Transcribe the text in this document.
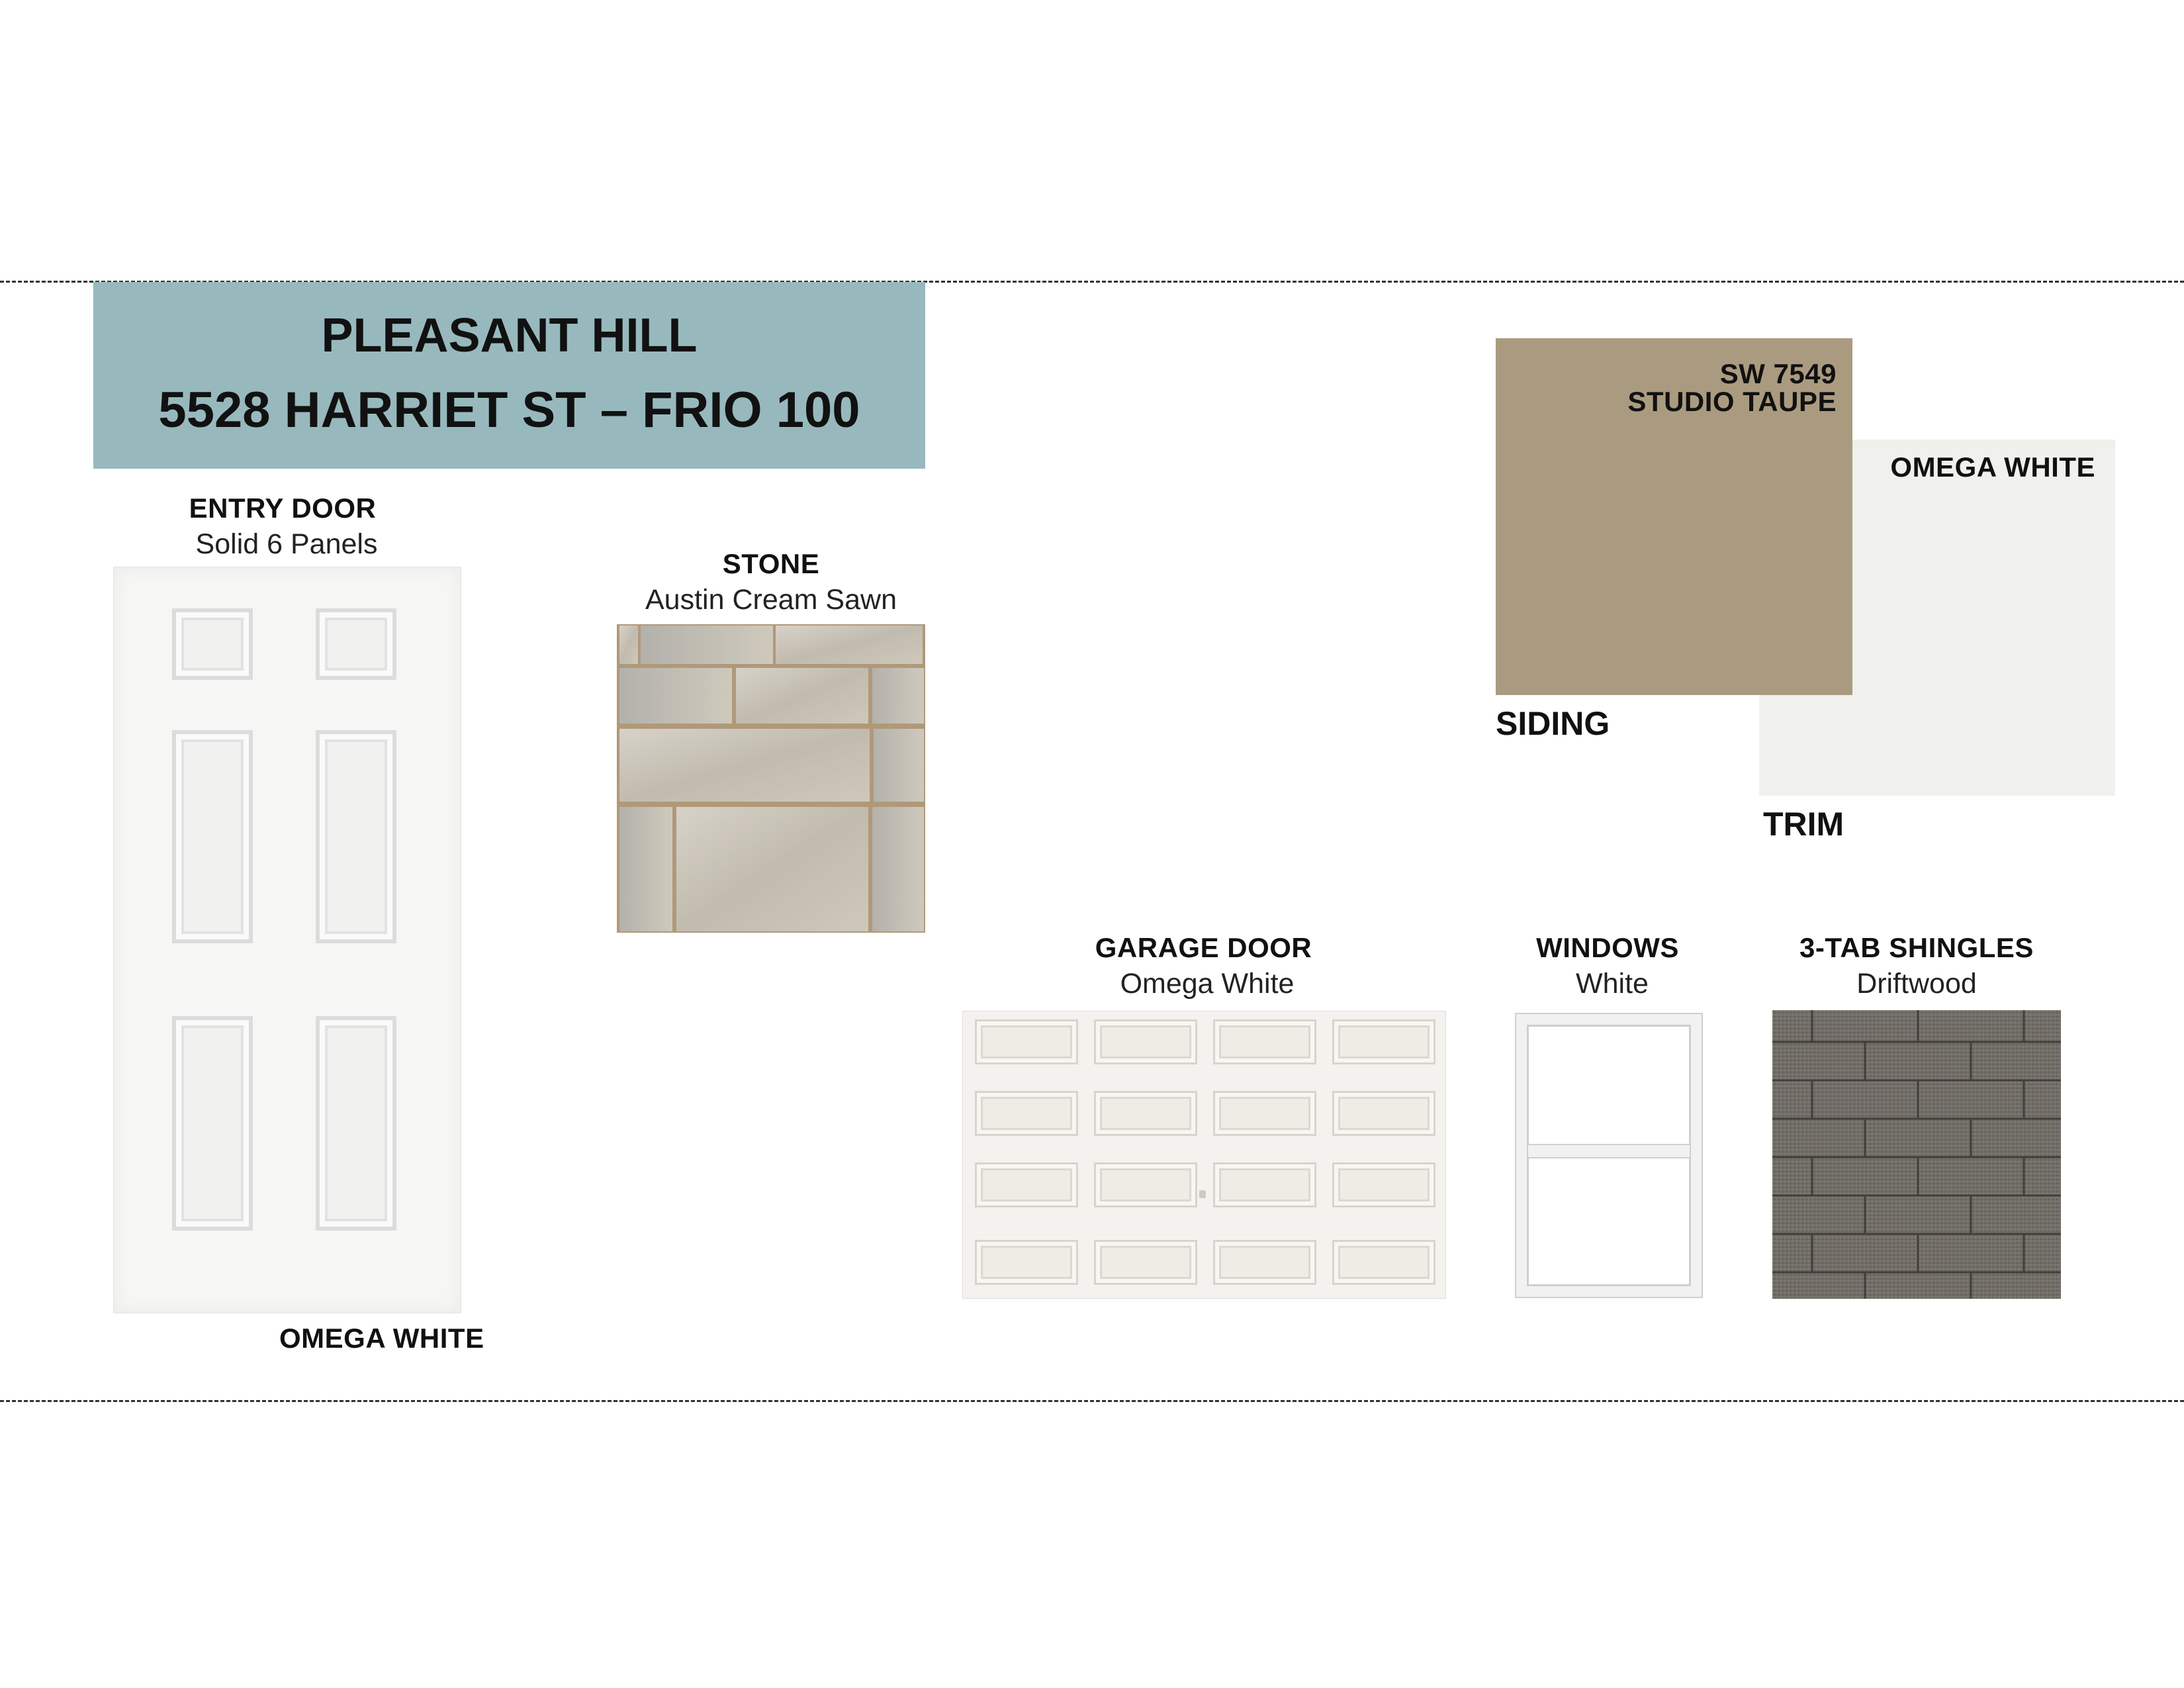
PLEASANT HILL
5528 HARRIET ST – FRIO 100
ENTRY DOOR
Solid 6 Panels
OMEGA WHITE
STONE
Austin Cream Sawn
SW 7549
STUDIO TAUPE
SIDING
OMEGA WHITE
TRIM
GARAGE DOOR
Omega White
WINDOWS
White
3-TAB SHINGLES
Driftwood
